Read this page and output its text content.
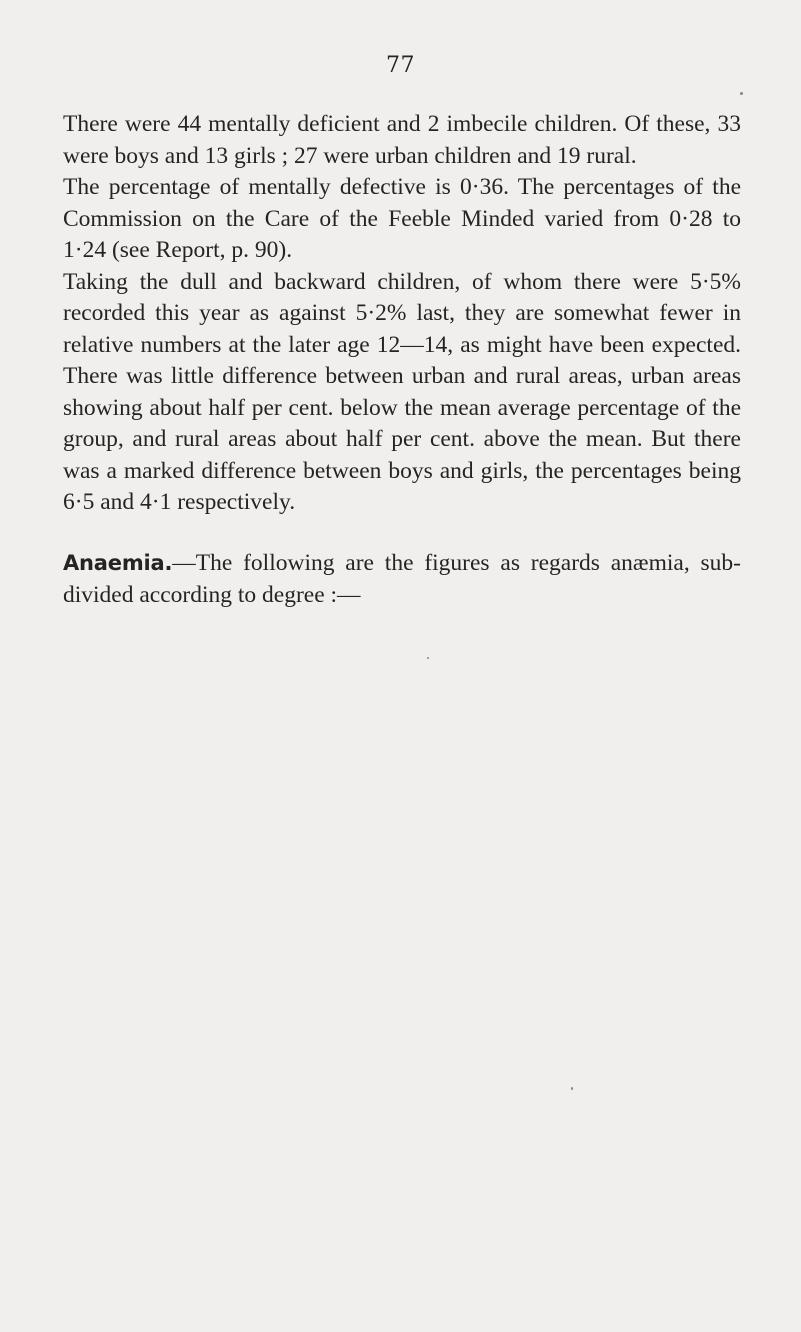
77

There were 44 mentally deficient and 2 imbecile children. Of these, 33 were boys and 13 girls ; 27 were urban children and 19 rural.

The percentage of mentally defective is 0·36. The percentages of the Commission on the Care of the Feeble Minded varied from 0·28 to 1·24 (see Report, p. 90).

Taking the dull and backward children, of whom there were 5·5% recorded this year as against 5·2% last, they are somewhat fewer in relative numbers at the later age 12—14, as might have been expected. There was little difference between urban and rural areas, urban areas showing about half per cent. below the mean average percentage of the group, and rural areas about half per cent. above the mean. But there was a marked difference between boys and girls, the percentages being 6·5 and 4·1 respectively.

Anaemia.—The following are the figures as regards anæmia, sub-divided according to degree :—
